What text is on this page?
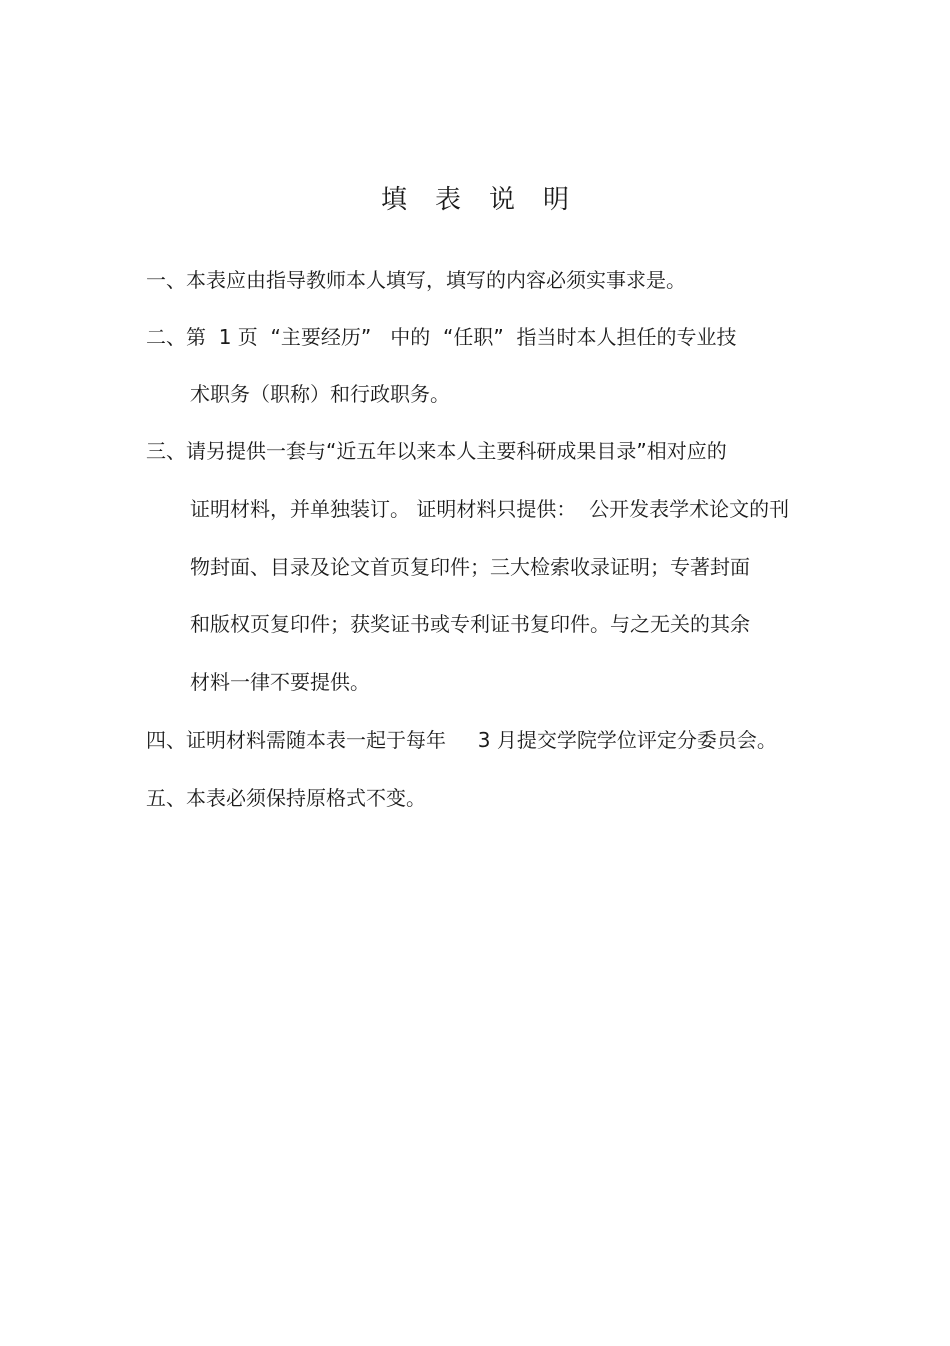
填表说明
一、本表应由指导教师本人填写，填写的内容必须实事求是。
二、第  1 页  “主要经历”   中的  “任职”  指当时本人担任的专业技
术职务（职称）和行政职务。
三、请另提供一套与“近五年以来本人主要科研成果目录”相对应的
证明材料，并单独装订。 证明材料只提供：  公开发表学术论文的刊
物封面、目录及论文首页复印件；三大检索收录证明；专著封面
和版权页复印件；获奖证书或专利证书复印件。与之无关的其余
材料一律不要提供。
四、证明材料需随本表一起于每年     3 月提交学院学位评定分委员会。
五、本表必须保持原格式不变。
